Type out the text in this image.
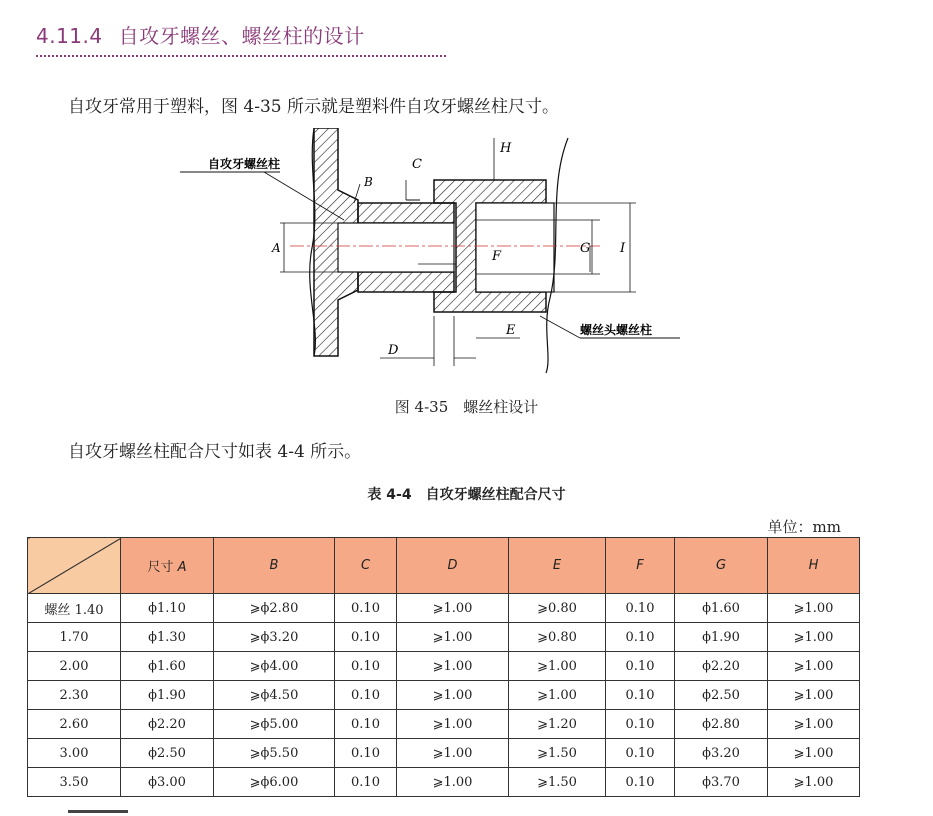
4.11.4 自攻牙螺丝、螺丝柱的设计
自攻牙常用于塑料，图 4-35 所示就是塑料件自攻牙螺丝柱尺寸。
自攻牙螺丝柱
螺丝头螺丝柱
A
B
C
D
E
F
G
H
I
图 4-35　螺丝柱设计
自攻牙螺丝柱配合尺寸如表 4-4 所示。
表 4-4　自攻牙螺丝柱配合尺寸
单位：mm
	尺寸 A	B	C	D	E	F	G	H
螺丝 1.40	ϕ1.10	⩾ϕ2.80	0.10	⩾1.00	⩾0.80	0.10	ϕ1.60	⩾1.00
1.70	ϕ1.30	⩾ϕ3.20	0.10	⩾1.00	⩾0.80	0.10	ϕ1.90	⩾1.00
2.00	ϕ1.60	⩾ϕ4.00	0.10	⩾1.00	⩾1.00	0.10	ϕ2.20	⩾1.00
2.30	ϕ1.90	⩾ϕ4.50	0.10	⩾1.00	⩾1.00	0.10	ϕ2.50	⩾1.00
2.60	ϕ2.20	⩾ϕ5.00	0.10	⩾1.00	⩾1.20	0.10	ϕ2.80	⩾1.00
3.00	ϕ2.50	⩾ϕ5.50	0.10	⩾1.00	⩾1.50	0.10	ϕ3.20	⩾1.00
3.50	ϕ3.00	⩾ϕ6.00	0.10	⩾1.00	⩾1.50	0.10	ϕ3.70	⩾1.00
